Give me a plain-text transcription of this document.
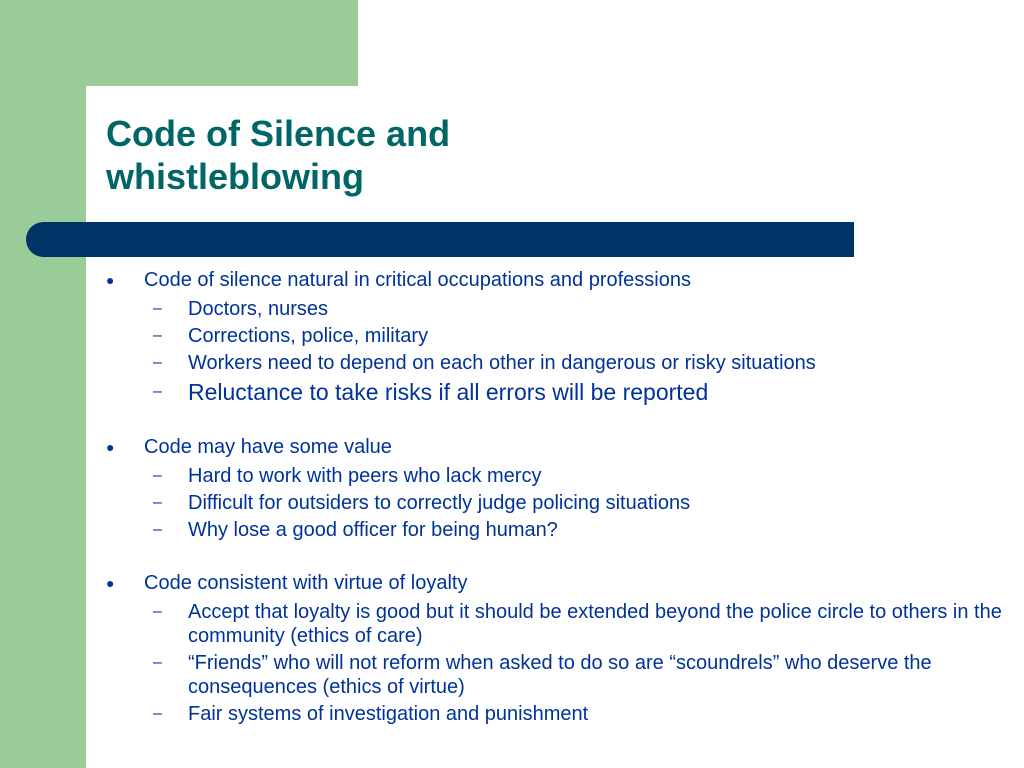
Code of Silence and
whistleblowing
● Code of silence natural in critical occupations and professions
– Doctors, nurses
– Corrections, police, military
– Workers need to depend on each other in dangerous or risky situations
– Reluctance to take risks if all errors will be reported
● Code may have some value
– Hard to work with peers who lack mercy
– Difficult for outsiders to correctly judge policing situations
– Why lose a good officer for being human?
● Code consistent with virtue of loyalty
– Accept that loyalty is good but it should be extended beyond the police circle to others in the community (ethics of care)
– “Friends” who will not reform when asked to do so are “scoundrels” who deserve the consequences (ethics of virtue)
– Fair systems of investigation and punishment
